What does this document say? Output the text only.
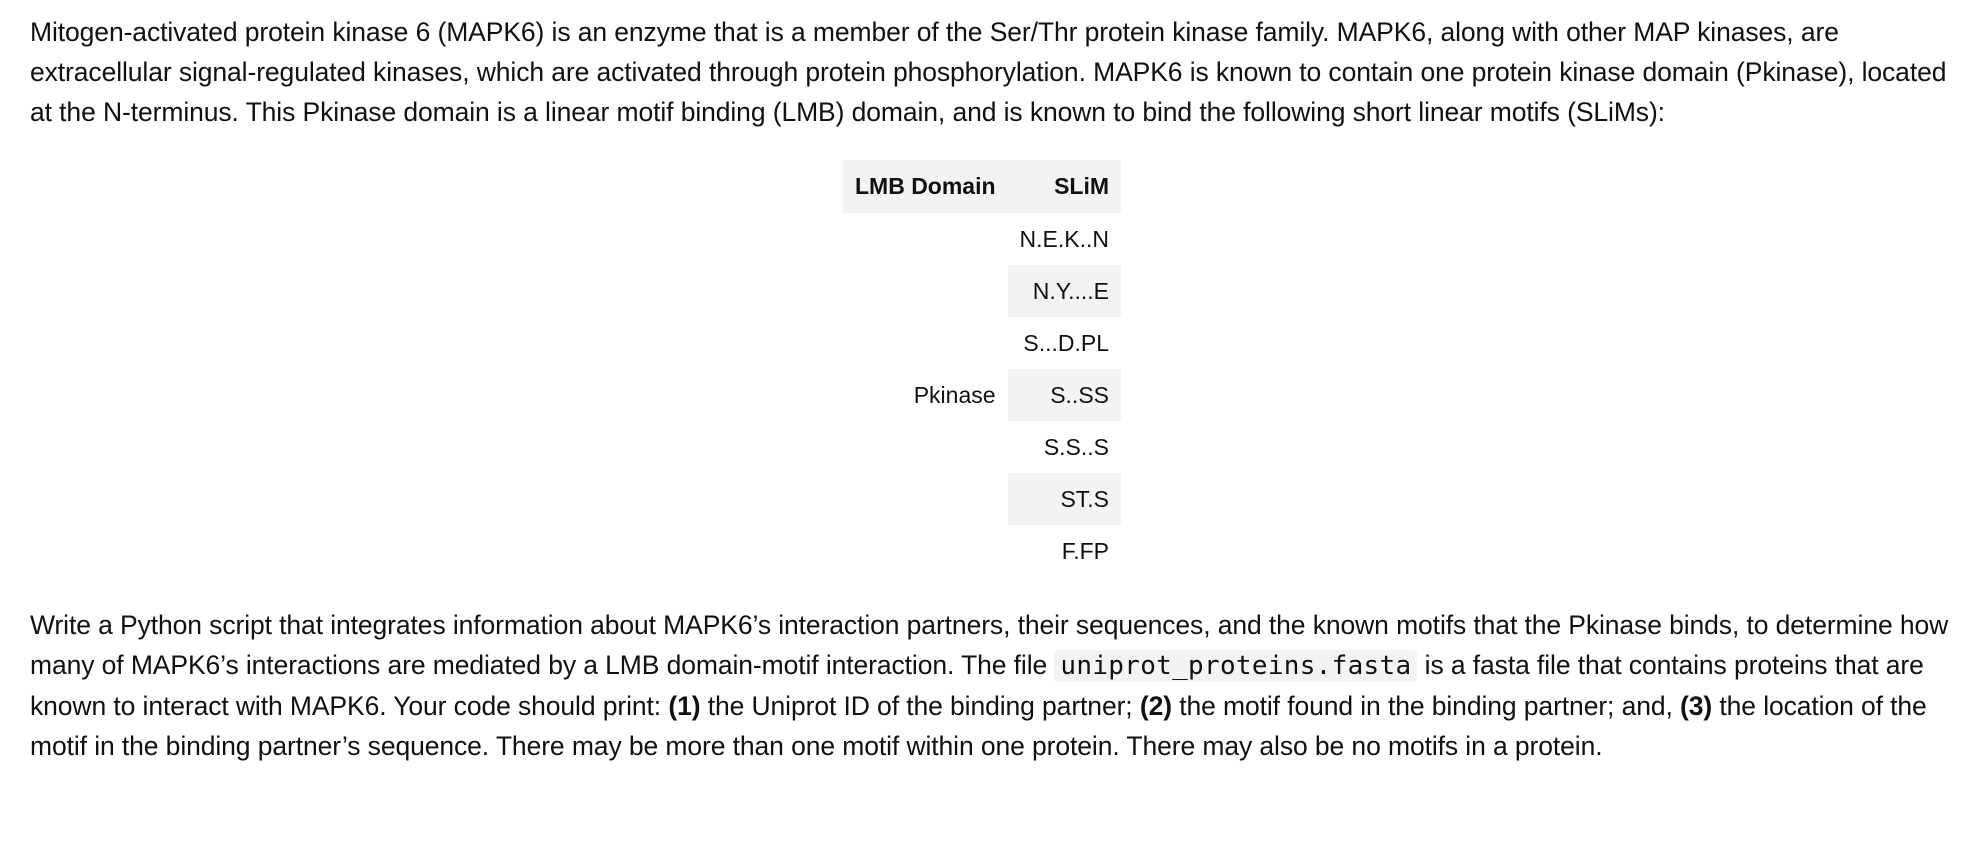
Mitogen-activated protein kinase 6 (MAPK6) is an enzyme that is a member of the Ser/Thr protein kinase family. MAPK6, along with other MAP kinases, are extracellular signal-regulated kinases, which are activated through protein phosphorylation. MAPK6 is known to contain one protein kinase domain (Pkinase), located at the N-terminus. This Pkinase domain is a linear motif binding (LMB) domain, and is known to bind the following short linear motifs (SLiMs):

LMB Domain	SLiM
Pkinase	N.E.K..N
	N.Y....E
	S...D.PL
	S..SS
	S.S..S
	ST.S
	F.FP

Write a Python script that integrates information about MAPK6’s interaction partners, their sequences, and the known motifs that the Pkinase binds, to determine how many of MAPK6’s interactions are mediated by a LMB domain-motif interaction. The file uniprot_proteins.fasta is a fasta file that contains proteins that are known to interact with MAPK6. Your code should print: (1) the Uniprot ID of the binding partner; (2) the motif found in the binding partner; and, (3) the location of the motif in the binding partner’s sequence. There may be more than one motif within one protein. There may also be no motifs in a protein.
